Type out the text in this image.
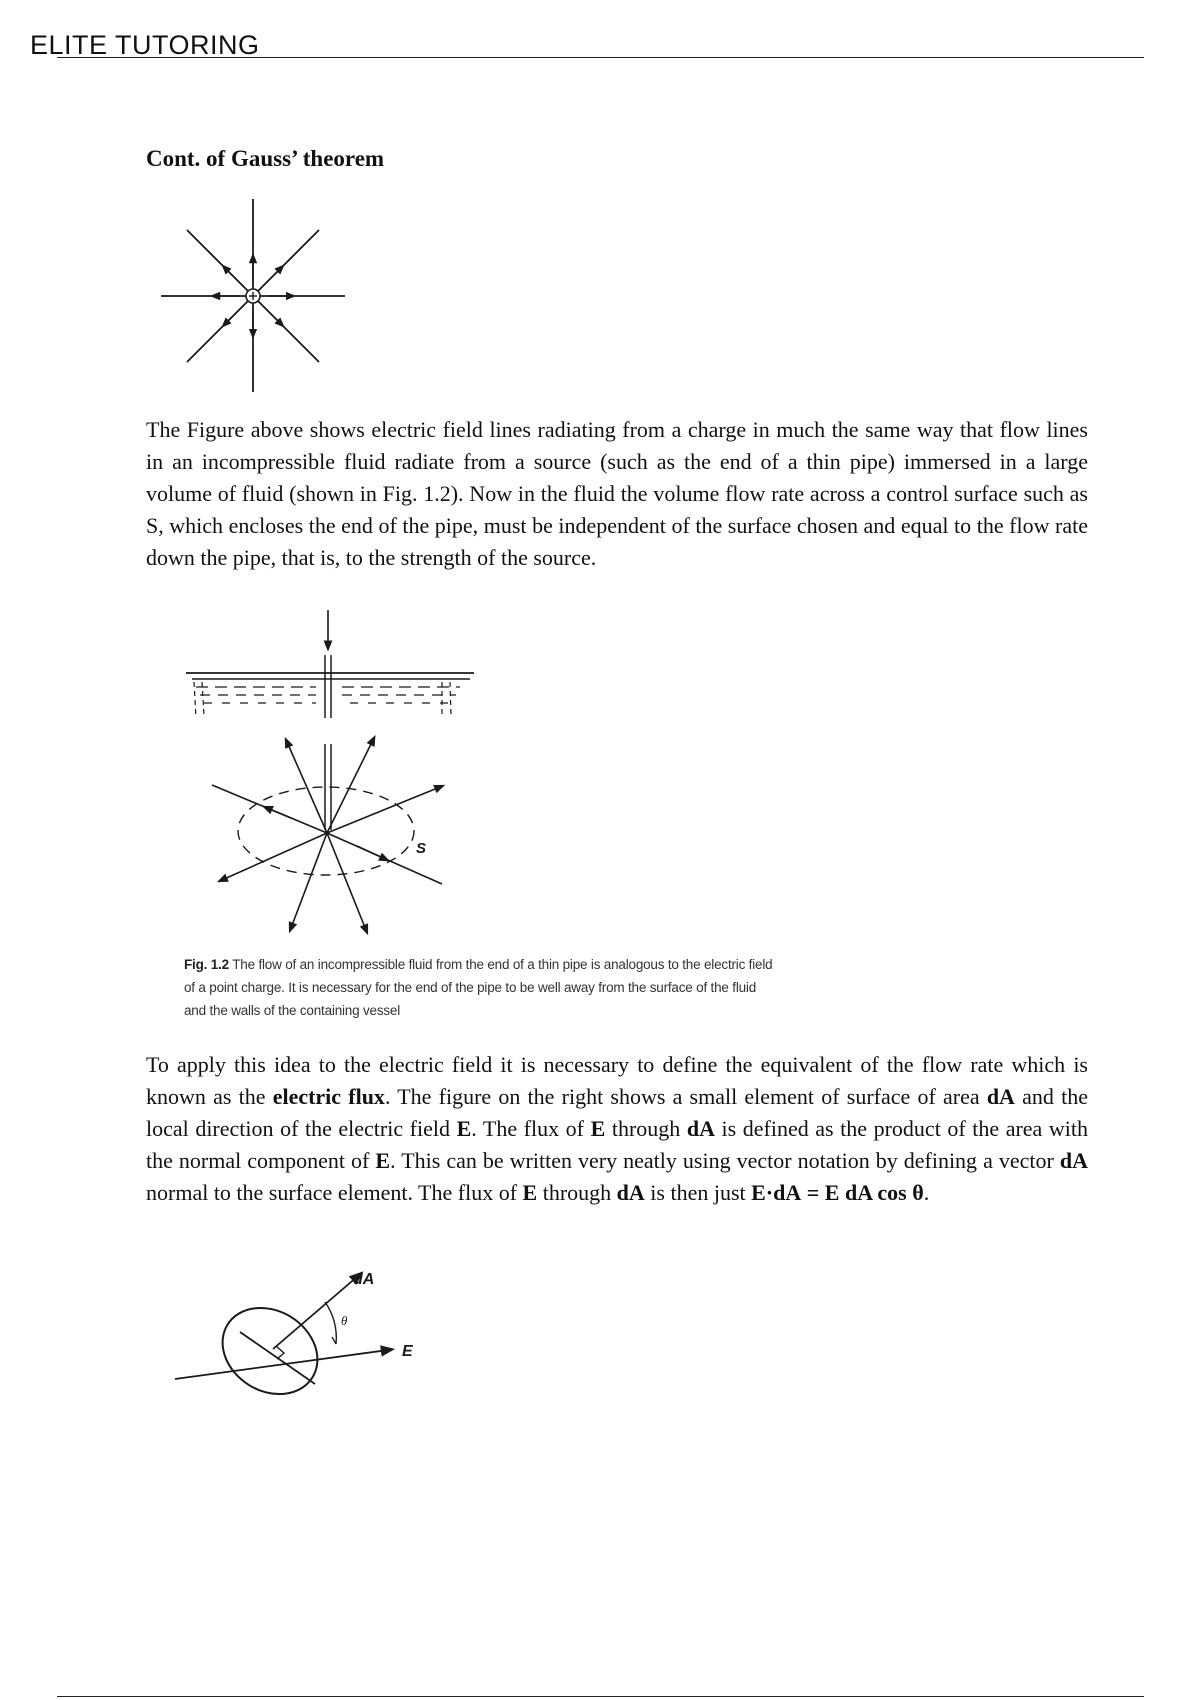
ELITE TUTORING
Cont. of Gauss’ theorem

The Figure above shows electric field lines radiating from a charge in much the same way that flow lines in an incompressible fluid radiate from a source (such as the end of a thin pipe) immersed in a large volume of fluid (shown in Fig. 1.2). Now in the fluid the volume flow rate across a control surface such as S, which encloses the end of the pipe, must be independent of the surface chosen and equal to the flow rate down the pipe, that is, to the strength of the source.

S
Fig. 1.2 The flow of an incompressible fluid from the end of a thin pipe is analogous to the electric field of a point charge. It is necessary for the end of the pipe to be well away from the surface of the fluid and the walls of the containing vessel

To apply this idea to the electric field it is necessary to define the equivalent of the flow rate which is known as the electric flux. The figure on the right shows a small element of surface of area dA and the local direction of the electric field E. The flux of E through dA is defined as the product of the area with the normal component of E. This can be written very neatly using vector notation by defining a vector dA normal to the surface element. The flux of E through dA is then just E·dA = E dA cos θ.

dA
θ
E
